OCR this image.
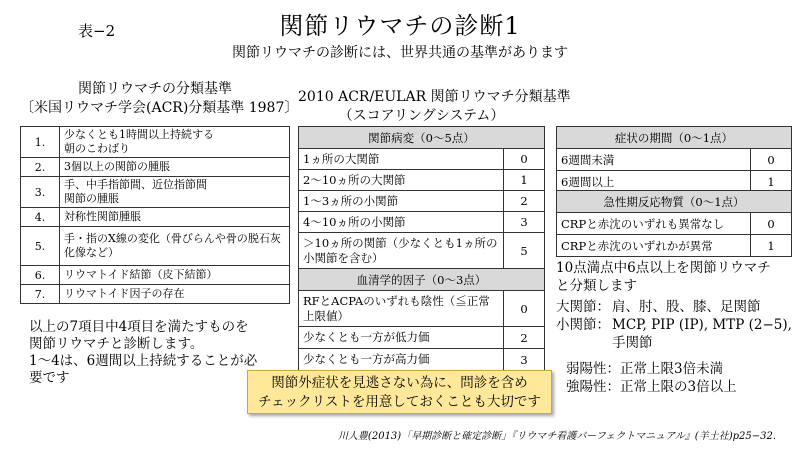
表−2	関節リウマチの診断1
関節リウマチの診断には、世界共通の基準があります
関節リウマチの分類基準
〔米国リウマチ学会(ACR)分類基準 1987〕
1.	少なくとも1時間以上持続する
朝のこわばり
2.	3個以上の関節の腫脹
3.	手、中手指節間、近位指節間
関節の腫脹
4.	対称性関節腫脹
5.	手・指のX線の変化（骨びらんや骨の脱石灰
化像など）
6.	リウマトイド結節（皮下結節）
7.	リウマトイド因子の存在
以上の7項目中4項目を満たすものを
関節リウマチと診断します。
1～4は、6週間以上持続することが必
要です
2010 ACR/EULAR 関節リウマチ分類基準
（スコアリングシステム）
関節病変（0～5点）	
1ヵ所の大関節	0
2～10ヵ所の大関節	1
1～3ヵ所の小関節	2
4～10ヵ所の小関節	3
＞10ヵ所の関節（少なくとも1ヵ所の
小関節を含む）	5
血清学的因子（0～3点）	
RFとACPAのいずれも陰性（≦正常
上限値）	0
少なくとも一方が低力価	2
少なくとも一方が高力価	3
症状の期間（0～1点）	
6週間未満	0
6週間以上	1
急性期反応物質（0～1点）	
CRPと赤沈のいずれも異常なし	0
CRPと赤沈のいずれかが異常	1
10点満点中6点以上を関節リウマチ
と分類します
大関節： 肩、肘、股、膝、足関節
小関節： MCP, PIP (IP), MTP (2−5),
手関節
弱陽性：正常上限3倍未満
強陽性：正常上限の3倍以上
関節外症状を見逃さない為に、問診を含め
チェックリストを用意しておくことも大切です
川人豊(2013)「早期診断と確定診断」『リウマチ看護パーフェクトマニュアル』(羊土社)p25−32.
